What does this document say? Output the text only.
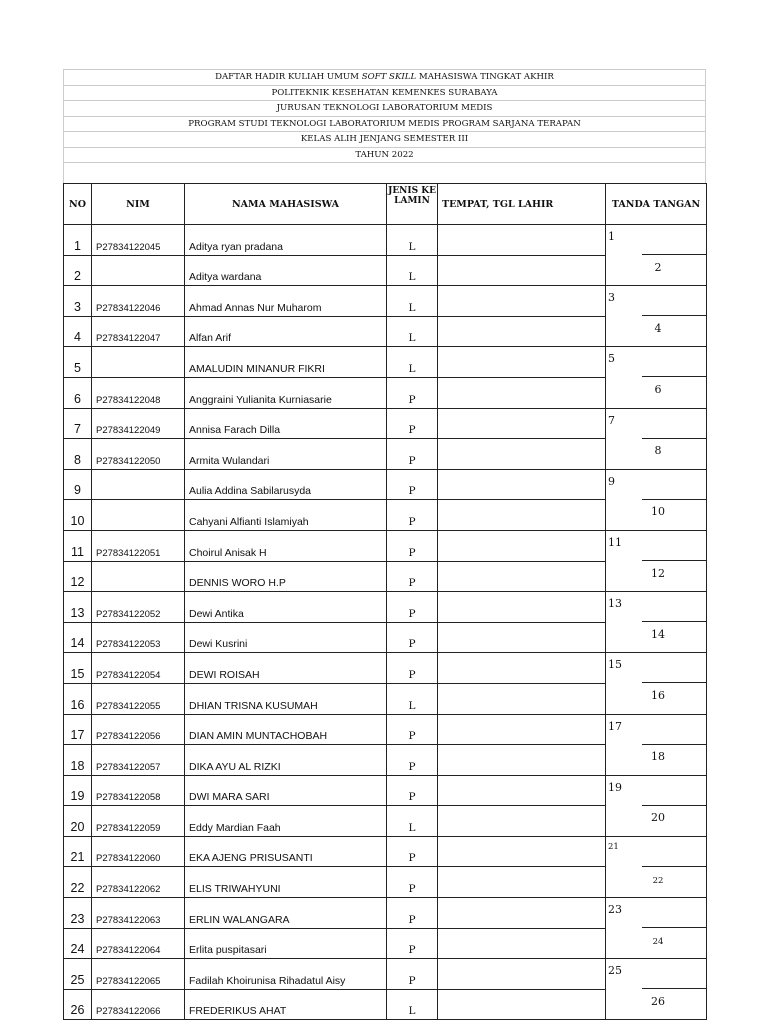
DAFTAR HADIR KULIAH UMUM SOFT SKILL MAHASISWA TINGKAT AKHIR
POLITEKNIK KESEHATAN KEMENKES SURABAYA
JURUSAN TEKNOLOGI LABORATORIUM MEDIS
PROGRAM STUDI TEKNOLOGI LABORATORIUM MEDIS PROGRAM SARJANA TERAPAN
KELAS ALIH JENJANG SEMESTER III
TAHUN 2022
NO	NIM	NAMA MAHASISWA	JENIS KELAMIN	TEMPAT, TGL LAHIR	TANDA TANGAN
1	P27834122045	Aditya ryan pradana	L		1

2		Aditya wardana	L		2
3	P27834122046	Ahmad Annas Nur Muharom	L		3

4	P27834122047	Alfan Arif	L		4
5		AMALUDIN MINANUR FIKRI	L		5

6	P27834122048	Anggraini Yulianita Kurniasarie	P		6
7	P27834122049	Annisa Farach Dilla	P		7

8	P27834122050	Armita Wulandari	P		8
9		Aulia Addina Sabilarusyda	P		9

10		Cahyani Alfianti Islamiyah	P		10
11	P27834122051	Choirul Anisak H	P		11

12		DENNIS WORO H.P	P		12
13	P27834122052	Dewi Antika	P		13

14	P27834122053	Dewi Kusrini	P		14
15	P27834122054	DEWI ROISAH	P		15

16	P27834122055	DHIAN TRISNA KUSUMAH	L		16
17	P27834122056	DIAN AMIN MUNTACHOBAH	P		17

18	P27834122057	DIKA AYU AL RIZKI	P		18
19	P27834122058	DWI MARA SARI	P		19

20	P27834122059	Eddy Mardian Faah	L		20
21	P27834122060	EKA AJENG PRISUSANTI	P		21

22	P27834122062	ELIS TRIWAHYUNI	P		22
23	P27834122063	ERLIN WALANGARA	P		23

24	P27834122064	Erlita puspitasari	P		24
25	P27834122065	Fadilah Khoirunisa Rihadatul Aisy	P		25

26	P27834122066	FREDERIKUS AHAT	L		26
